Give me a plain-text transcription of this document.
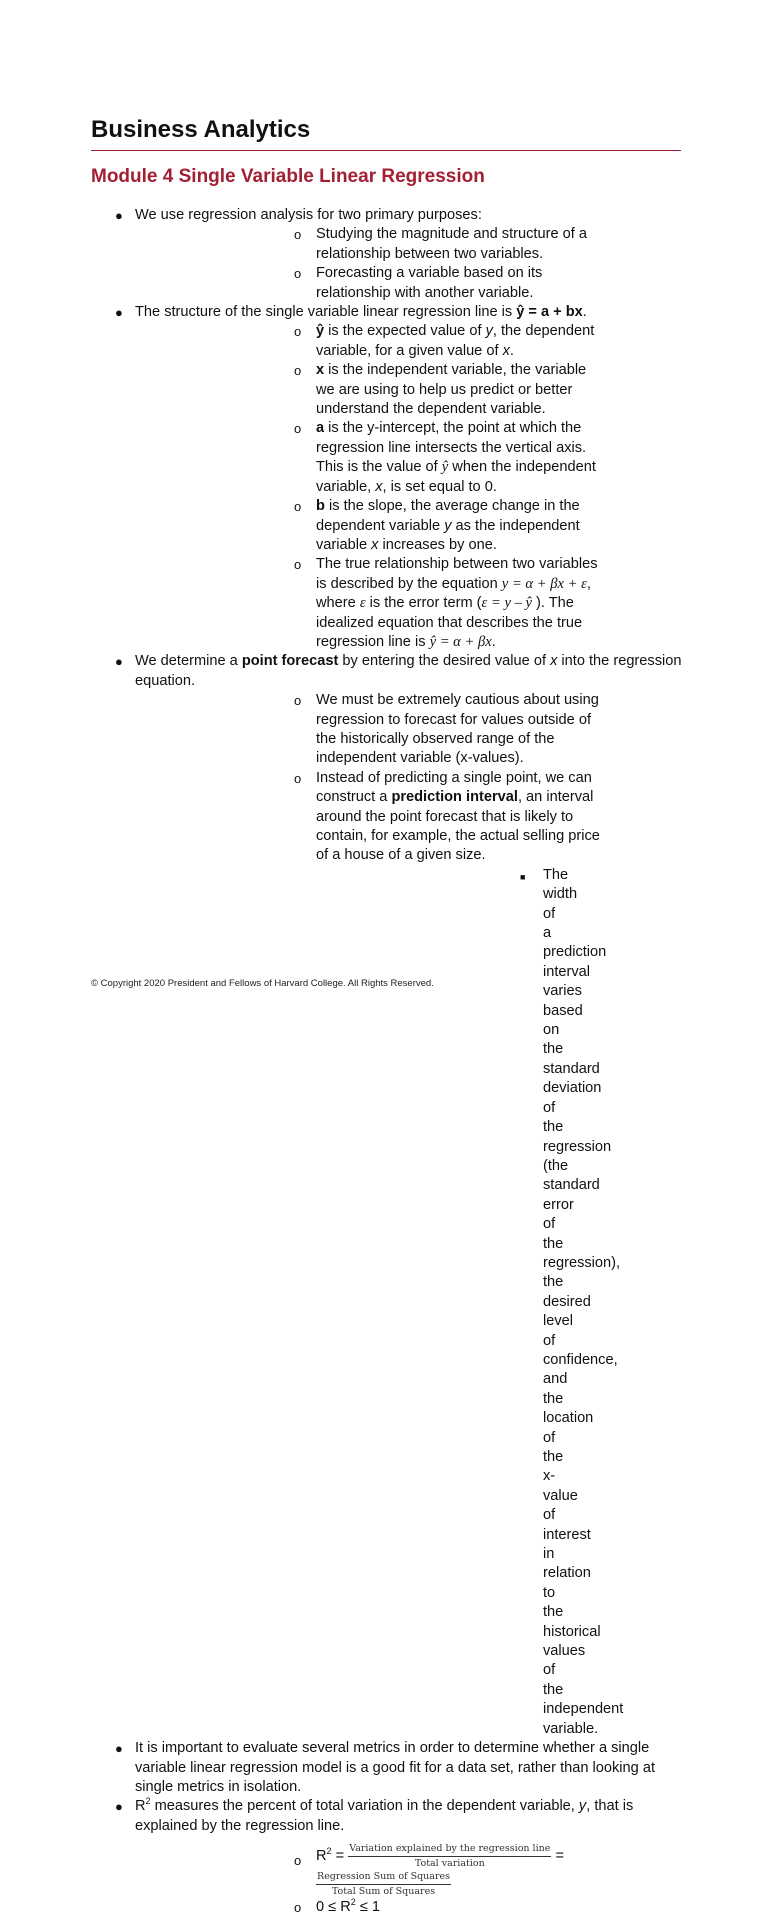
Business Analytics
Module 4 Single Variable Linear Regression
● We use regression analysis for two primary purposes:
o Studying the magnitude and structure of a relationship between two variables.
o Forecasting a variable based on its relationship with another variable.
● The structure of the single variable linear regression line is ŷ = a + bx.
o ŷ is the expected value of y, the dependent variable, for a given value of x.
o x is the independent variable, the variable we are using to help us predict or better understand the dependent variable.
o a is the y-intercept, the point at which the regression line intersects the vertical axis. This is the value of ŷ when the independent variable, x, is set equal to 0.
o b is the slope, the average change in the dependent variable y as the independent variable x increases by one.
o The true relationship between two variables is described by the equation y = α + βx + ε, where ε is the error term (ε = y – ŷ ). The idealized equation that describes the true regression line is ŷ = α + βx.
● We determine a point forecast by entering the desired value of x into the regression equation.
o We must be extremely cautious about using regression to forecast for values outside of the historically observed range of the independent variable (x-values).
o Instead of predicting a single point, we can construct a prediction interval, an interval around the point forecast that is likely to contain, for example, the actual selling price of a house of a given size.
■ The width of a prediction interval varies based on the standard deviation of the regression (the standard error of the regression), the desired level of confidence, and the location of the x-value of interest in relation to the historical values of the independent variable.
● It is important to evaluate several metrics in order to determine whether a single variable linear regression model is a good fit for a data set, rather than looking at single metrics in isolation.
● $R^2$ measures the percent of total variation in the dependent variable, y, that is explained by the regression line.
o $R^2 = \frac{\text{Variation explained by the regression line}}{\text{Total variation}}$ =
$\frac{\text{Regression Sum of Squares}}{\text{Total Sum of Squares}}$
o $0 \le R^2 \le 1$
© Copyright 2020 President and Fellows of Harvard College. All Rights Reserved.
